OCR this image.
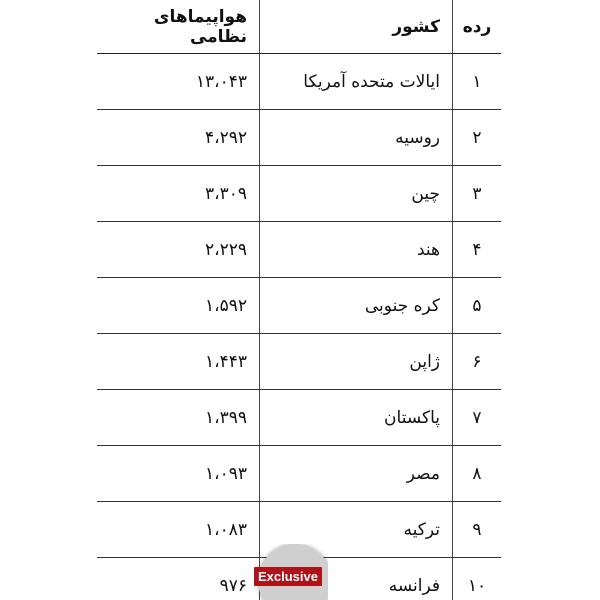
رده	کشور	هواپیماهای نظامی
۱	ایالات متحده آمریکا	۱۳،۰۴۳
۲	روسیه	۴،۲۹۲
۳	چین	۳،۳۰۹
۴	هند	۲،۲۲۹
۵	کره جنوبی	۱،۵۹۲
۶	ژاپن	۱،۴۴۳
۷	پاکستان	۱،۳۹۹
۸	مصر	۱،۰۹۳
۹	ترکیه	۱،۰۸۳
۱۰	فرانسه	۹۷۶ Exclusive
